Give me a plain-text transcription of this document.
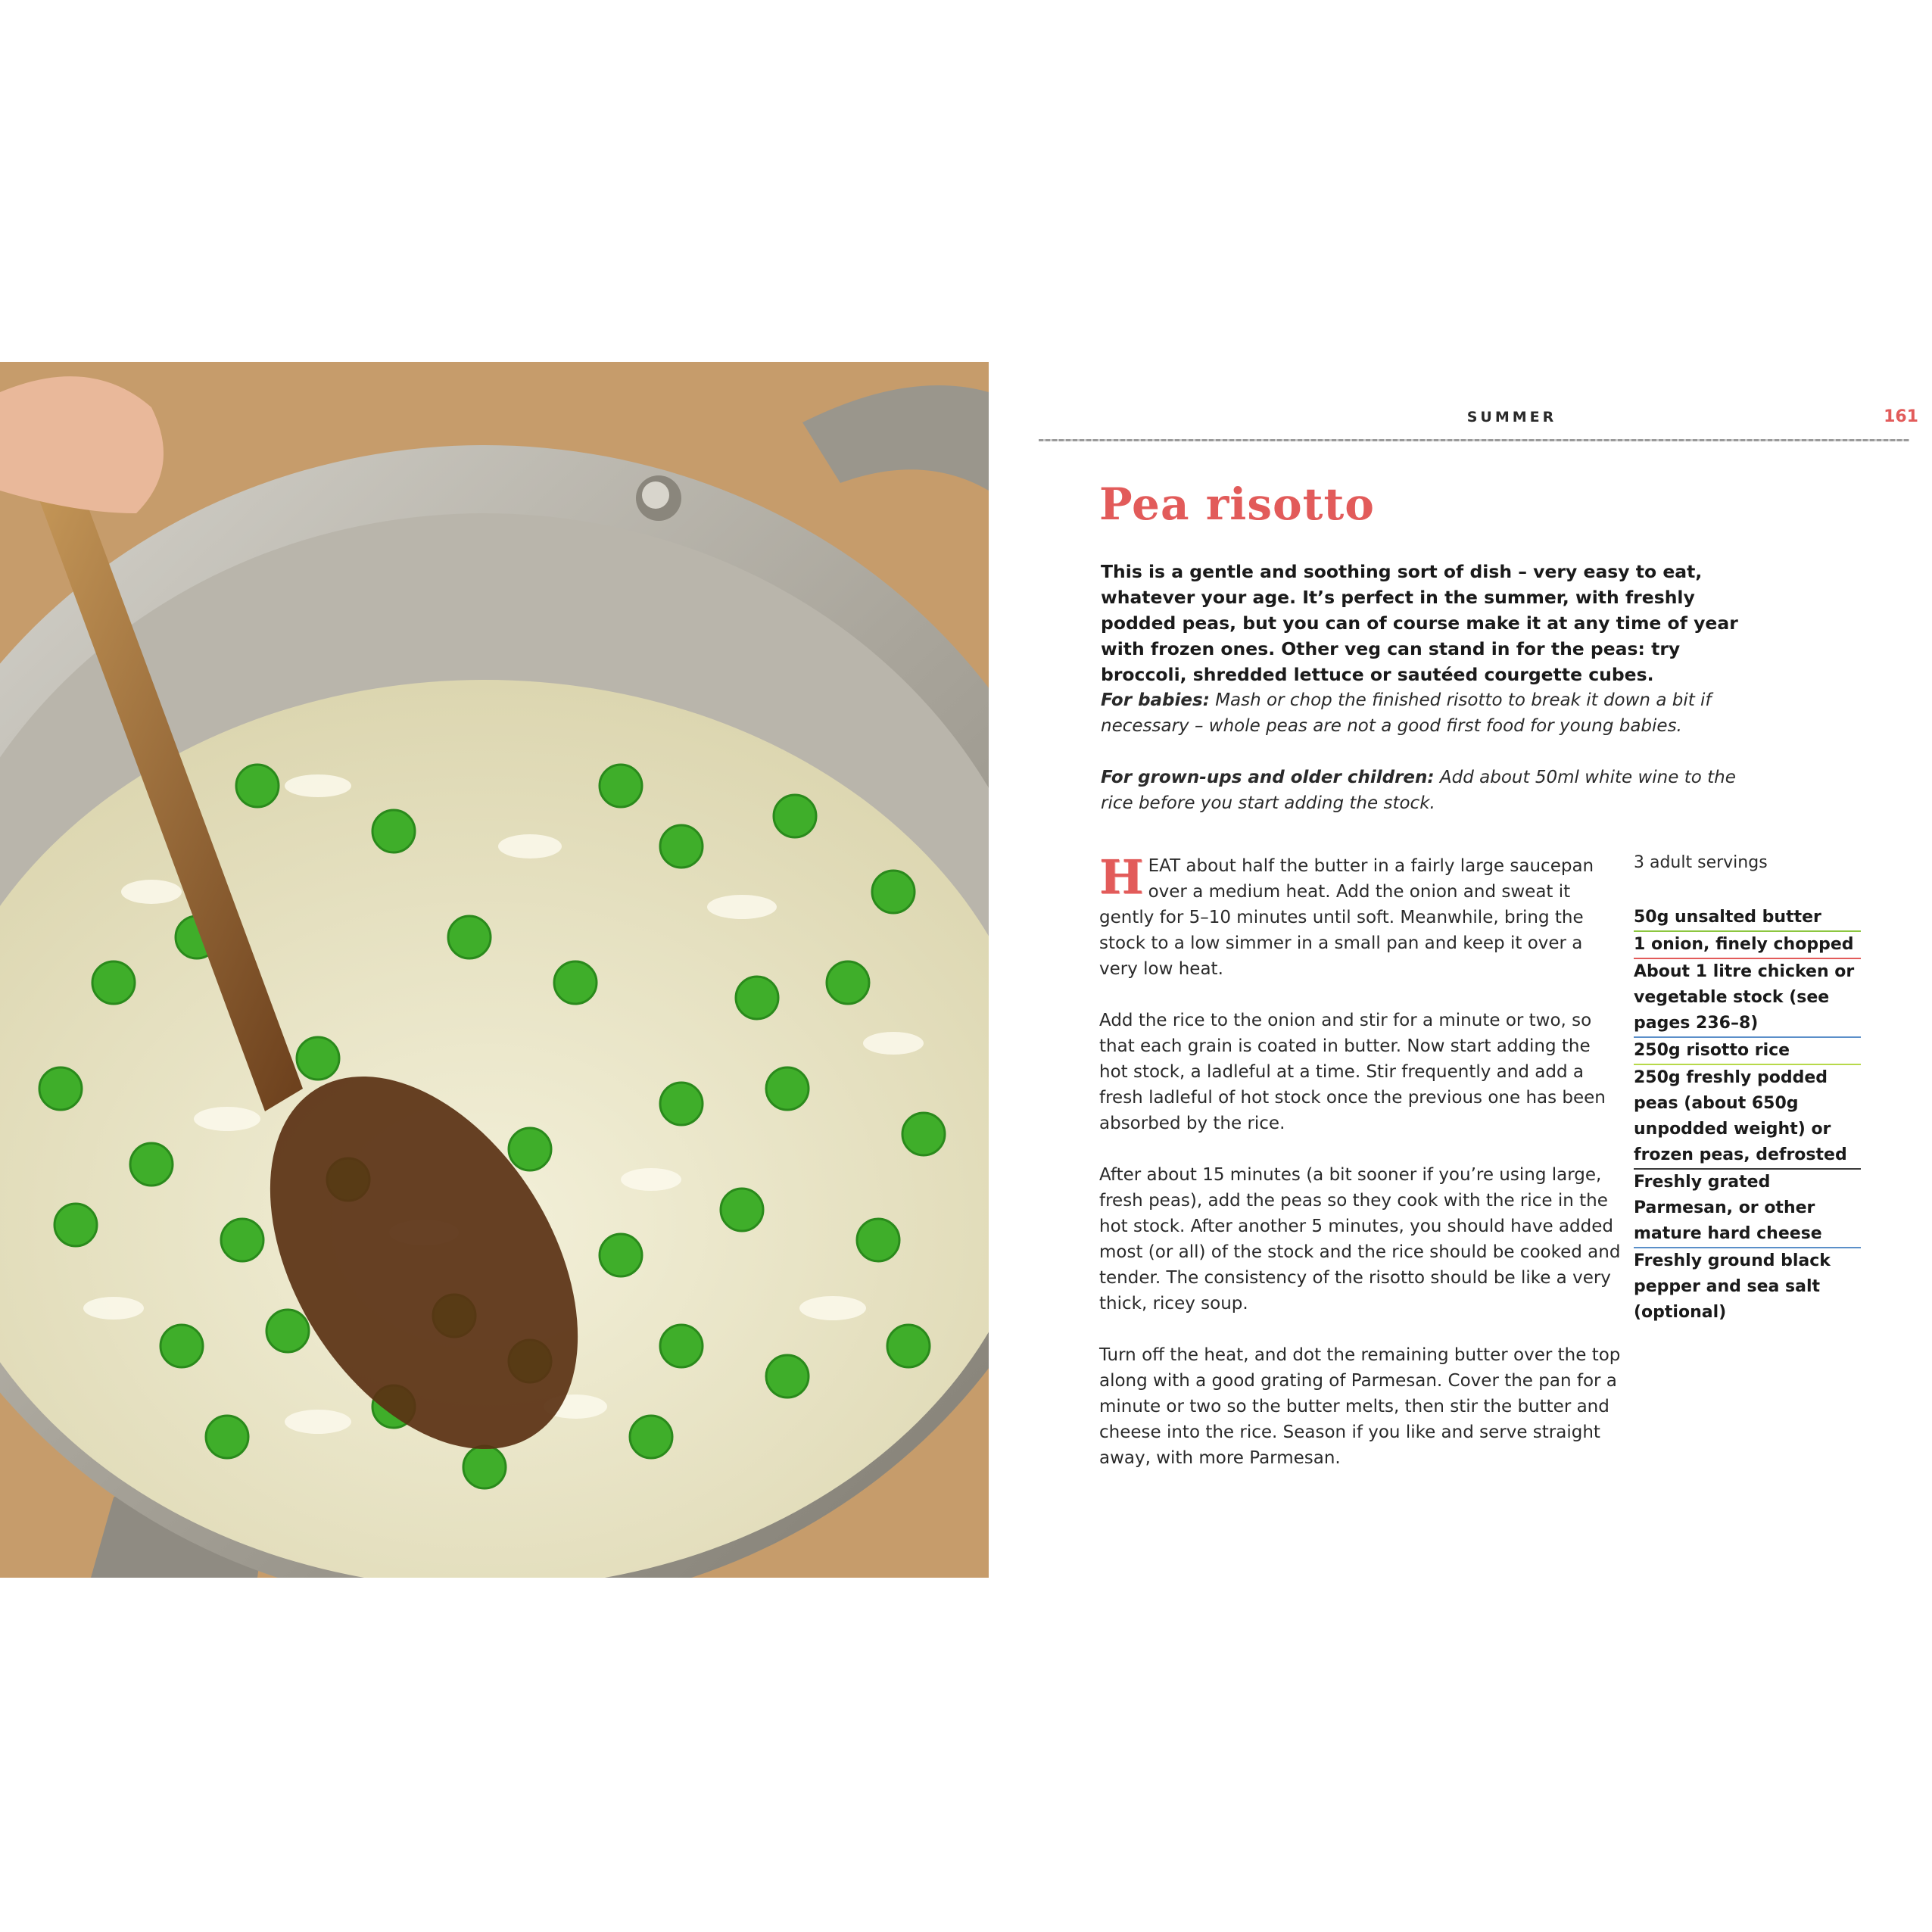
SUMMER	161
Pea risotto
This is a gentle and soothing sort of dish – very easy to eat, whatever your age. It’s perfect in the summer, with freshly podded peas, but you can of course make it at any time of year with frozen ones. Other veg can stand in for the peas: try broccoli, shredded lettuce or sautéed courgette cubes.
For babies: Mash or chop the finished risotto to break it down a bit if necessary – whole peas are not a good first food for young babies.
For grown-ups and older children: Add about 50ml white wine to the rice before you start adding the stock.

HEAT about half the butter in a fairly large saucepan over a medium heat. Add the onion and sweat it gently for 5–10 minutes until soft. Meanwhile, bring the stock to a low simmer in a small pan and keep it over a very low heat.

Add the rice to the onion and stir for a minute or two, so that each grain is coated in butter. Now start adding the hot stock, a ladleful at a time. Stir frequently and add a fresh ladleful of hot stock once the previous one has been absorbed by the rice.

After about 15 minutes (a bit sooner if you’re using large, fresh peas), add the peas so they cook with the rice in the hot stock. After another 5 minutes, you should have added most (or all) of the stock and the rice should be cooked and tender. The consistency of the risotto should be like a very thick, ricey soup.

Turn off the heat, and dot the remaining butter over the top along with a good grating of Parmesan. Cover the pan for a minute or two so the butter melts, then stir the butter and cheese into the rice. Season if you like and serve straight away, with more Parmesan.

3 adult servings
50g unsalted butter
1 onion, finely chopped
About 1 litre chicken or vegetable stock (see pages 236–8)
250g risotto rice
250g freshly podded peas (about 650g unpodded weight) or frozen peas, defrosted
Freshly grated Parmesan, or other mature hard cheese
Freshly ground black pepper and sea salt (optional)
